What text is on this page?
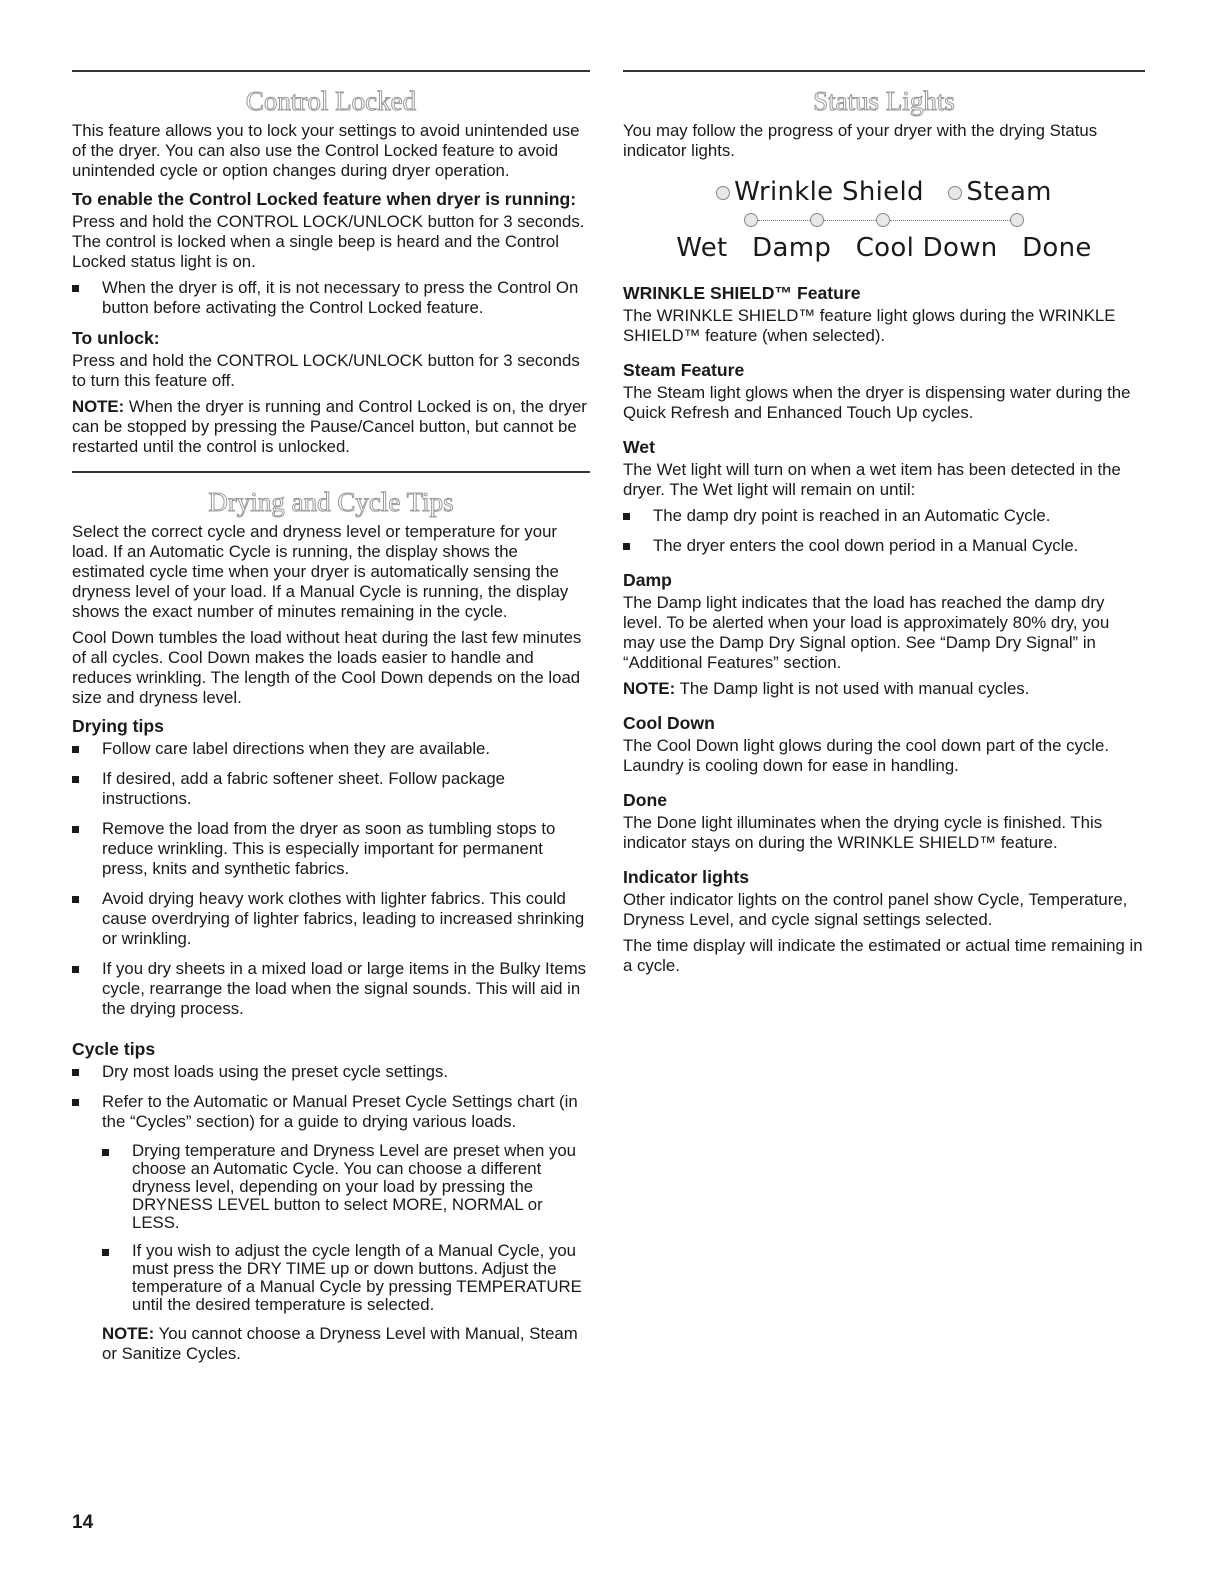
Control Locked

This feature allows you to lock your settings to avoid unintended use of the dryer. You can also use the Control Locked feature to avoid unintended cycle or option changes during dryer operation.

To enable the Control Locked feature when dryer is running:

Press and hold the CONTROL LOCK/UNLOCK button for 3 seconds. The control is locked when a single beep is heard and the Control Locked status light is on.

When the dryer is off, it is not necessary to press the Control On button before activating the Control Locked feature.
To unlock:

Press and hold the CONTROL LOCK/UNLOCK button for 3 seconds to turn this feature off.

NOTE: When the dryer is running and Control Locked is on, the dryer can be stopped by pressing the Pause/Cancel button, but cannot be restarted until the control is unlocked.

Drying and Cycle Tips

Select the correct cycle and dryness level or temperature for your load. If an Automatic Cycle is running, the display shows the estimated cycle time when your dryer is automatically sensing the dryness level of your load. If a Manual Cycle is running, the display shows the exact number of minutes remaining in the cycle.

Cool Down tumbles the load without heat during the last few minutes of all cycles. Cool Down makes the loads easier to handle and reduces wrinkling. The length of the Cool Down depends on the load size and dryness level.

Drying tips
Follow care label directions when they are available.
If desired, add a fabric softener sheet. Follow package instructions.
Remove the load from the dryer as soon as tumbling stops to reduce wrinkling. This is especially important for permanent press, knits and synthetic fabrics.
Avoid drying heavy work clothes with lighter fabrics. This could cause overdrying of lighter fabrics, leading to increased shrinking or wrinkling.
If you dry sheets in a mixed load or large items in the Bulky Items cycle, rearrange the load when the signal sounds. This will aid in the drying process.
Cycle tips
Dry most loads using the preset cycle settings.
Refer to the Automatic or Manual Preset Cycle Settings chart (in the “Cycles” section) for a guide to drying various loads.
Drying temperature and Dryness Level are preset when you choose an Automatic Cycle. You can choose a different dryness level, depending on your load by pressing the DRYNESS LEVEL button to select MORE, NORMAL or LESS.
If you wish to adjust the cycle length of a Manual Cycle, you must press the DRY TIME up or down buttons. Adjust the temperature of a Manual Cycle by pressing TEMPERATURE until the desired temperature is selected.

NOTE: You cannot choose a Dryness Level with Manual, Steam or Sanitize Cycles.

Status Lights

You may follow the progress of your dryer with the drying Status indicator lights.

Wrinkle Shield Steam
Wet Damp Cool Down Done
WRINKLE SHIELD™ Feature

The WRINKLE SHIELD™ feature light glows during the WRINKLE SHIELD™ feature (when selected).

Steam Feature

The Steam light glows when the dryer is dispensing water during the Quick Refresh and Enhanced Touch Up cycles.

Wet

The Wet light will turn on when a wet item has been detected in the dryer. The Wet light will remain on until:

The damp dry point is reached in an Automatic Cycle.
The dryer enters the cool down period in a Manual Cycle.
Damp

The Damp light indicates that the load has reached the damp dry level. To be alerted when your load is approximately 80% dry, you may use the Damp Dry Signal option. See “Damp Dry Signal” in “Additional Features” section.

NOTE: The Damp light is not used with manual cycles.

Cool Down

The Cool Down light glows during the cool down part of the cycle. Laundry is cooling down for ease in handling.

Done

The Done light illuminates when the drying cycle is finished. This indicator stays on during the WRINKLE SHIELD™ feature.

Indicator lights

Other indicator lights on the control panel show Cycle, Temperature, Dryness Level, and cycle signal settings selected.

The time display will indicate the estimated or actual time remaining in a cycle.

14
